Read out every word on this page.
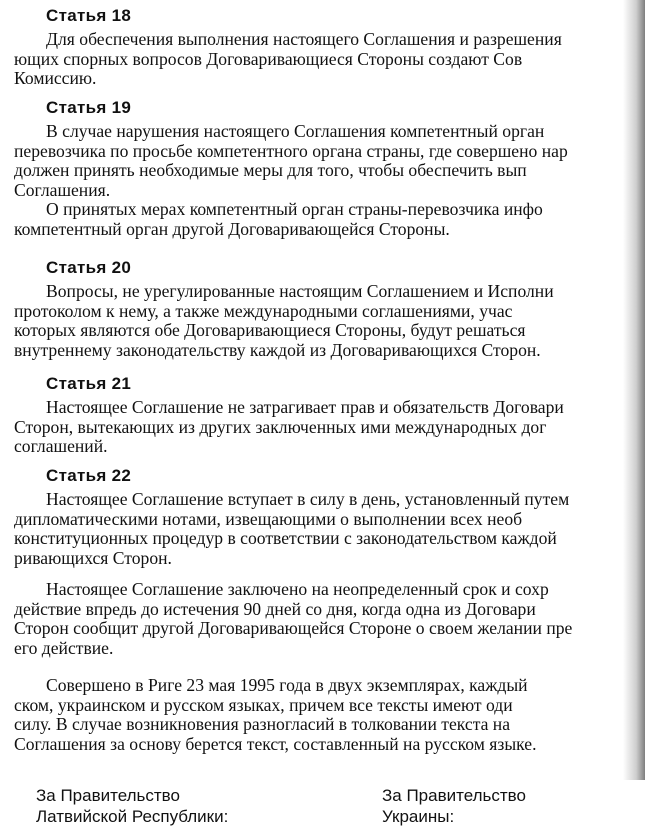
Статья 18
Для обеспечения выполнения настоящего Соглашения и разрешения
ющих спорных вопросов Договаривающиеся Стороны создают Сов
Комиссию.
Статья 19
В случае нарушения настоящего Соглашения компетентный орган
перевозчика по просьбе компетентного органа страны, где совершено нар
должен принять необходимые меры для того, чтобы обеспечить вып
Соглашения.
О принятых мерах компетентный орган страны-перевозчика инфо
компетентный орган другой Договаривающейся Стороны.
Статья 20
Вопросы, не урегулированные настоящим Соглашением и Исполни
протоколом к нему, а также международными соглашениями, учас
которых являются обе Договаривающиеся Стороны, будут решаться
внутреннему законодательству каждой из Договаривающихся Сторон.
Статья 21
Настоящее Соглашение не затрагивает прав и обязательств Договари
Сторон, вытекающих из других заключенных ими международных дог
соглашений.
Статья 22
Настоящее Соглашение вступает в силу в день, установленный путем
дипломатическими нотами, извещающими о выполнении всех необ
конституционных процедур в соответствии с законодательством каждой
ривающихся Сторон.
Настоящее Соглашение заключено на неопределенный срок и сохр
действие впредь до истечения 90 дней со дня, когда одна из Договари
Сторон сообщит другой Договаривающейся Стороне о своем желании пре
его действие.
Совершено в Риге 23 мая 1995 года в двух экземплярах, каждый
ском, украинском и русском языках, причем все тексты имеют оди
силу. В случае возникновения разногласий в толковании текста на
Соглашения за основу берется текст, составленный на русском языке.
За Правительство
Латвийской Республики:
За Правительство
Украины:
